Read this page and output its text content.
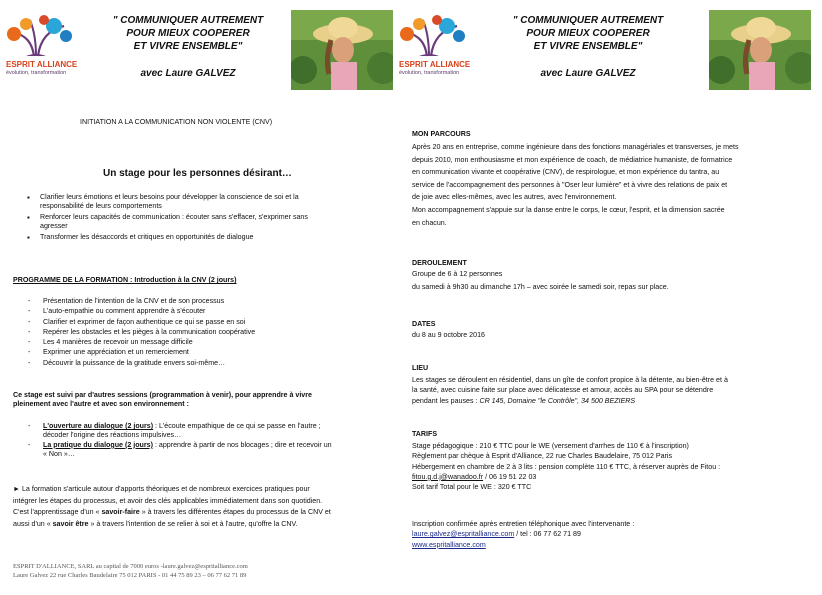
ESPRIT ALLIANCE
évolution, transformation
" COMMUNIQUER AUTREMENT
POUR MIEUX COOPERER
ET VIVRE ENSEMBLE"
avec Laure GALVEZ
INITIATION A LA COMMUNICATION NON VIOLENTE (CNV)
Un stage pour les personnes désirant…
▪ Clarifier leurs émotions et leurs besoins pour développer la conscience de soi et la
responsabilité de leurs comportements
▪ Renforcer leurs capacités de communication : écouter sans s'effacer, s'exprimer sans
agresser
▪ Transformer les désaccords et critiques en opportunités de dialogue
PROGRAMME DE LA FORMATION : Introduction à la CNV (2 jours)
- Présentation de l'intention de la CNV et de son processus
- L'auto-empathie ou comment apprendre à s'écouter
- Clarifier et exprimer de façon authentique ce qui se passe en soi
- Repérer les obstacles et les pièges à la communication coopérative
- Les 4 manières de recevoir un message difficile
- Exprimer une appréciation et un remerciement
- Découvrir la puissance de la gratitude envers soi-même…
Ce stage est suivi par d'autres sessions (programmation à venir), pour apprendre à vivre
pleinement avec l'autre et avec son environnement :
- L'ouverture au dialogue (2 jours) : L'écoute empathique de ce qui se passe en l'autre ;
décoder l'origine des réactions impulsives…
- La pratique du dialogue (2 jours) : apprendre à partir de nos blocages ; dire et recevoir un
« Non »…
► La formation s'articule autour d'apports théoriques et de nombreux exercices pratiques pour
intégrer les étapes du processus, et avoir des clés applicables immédiatement dans son quotidien.
C'est l'apprentissage d'un « savoir-faire » à travers les différentes étapes du processus de la CNV et
aussi d'un « savoir être » à travers l'intention de se relier à soi et à l'autre, qu'offre la CNV.
ESPRIT D'ALLIANCE, SARL au capital de 7000 euros -laure.galvez@espritalliance.com
Laure Galvez 22 rue Charles Baudelaire 75 012 PARIS - 01 44 75 89 23 – 06 77 62 71 89
ESPRIT ALLIANCE
évolution, transformation
" COMMUNIQUER AUTREMENT
POUR MIEUX COOPERER
ET VIVRE ENSEMBLE"
avec Laure GALVEZ
MON PARCOURS
Après 20 ans en entreprise, comme ingénieure dans des fonctions managériales et transverses, je mets
depuis 2010, mon enthousiasme et mon expérience de coach, de médiatrice humaniste, de formatrice
en communication vivante et coopérative (CNV), de respirologue, et mon expérience du tantra, au
service de l'accompagnement des personnes à "Oser leur lumière" et à vivre des relations de paix et
de joie avec elles-mêmes, avec les autres, avec l'environnement.
Mon accompagnement s'appuie sur la danse entre le corps, le cœur, l'esprit, et la dimension sacrée
en chacun.
DEROULEMENT
Groupe de 6 à 12 personnes
du samedi à 9h30 au dimanche 17h – avec soirée le samedi soir, repas sur place.
DATES
du 8 au 9 octobre 2016
LIEU
Les stages se déroulent en résidentiel, dans un gîte de confort propice à la détente, au bien-être et à
la santé, avec cuisine faite sur place avec délicatesse et amour, accès au SPA pour se détendre
pendant les pauses : CR 145, Domaine "le Contrôle", 34 500 BEZIERS
TARIFS
Stage pédagogique : 210 € TTC pour le WE (versement d'arrhes de 110 € à l'inscription)
Règlement par chèque à Esprit d'Alliance, 22 rue Charles Baudelaire, 75 012 Paris
Hébergement en chambre de 2 à 3 lits : pension complète 110 € TTC, à réserver auprès de Fitou :
fitou.g.d.j@wanadoo.fr / 06 19 51 22 03
Soit tarif Total pour le WE : 320 € TTC
Inscription confirmée après entretien téléphonique avec l'intervenante :
laure.galvez@espritalliance.com / tel : 06 77 62 71 89
www.espritalliance.com
